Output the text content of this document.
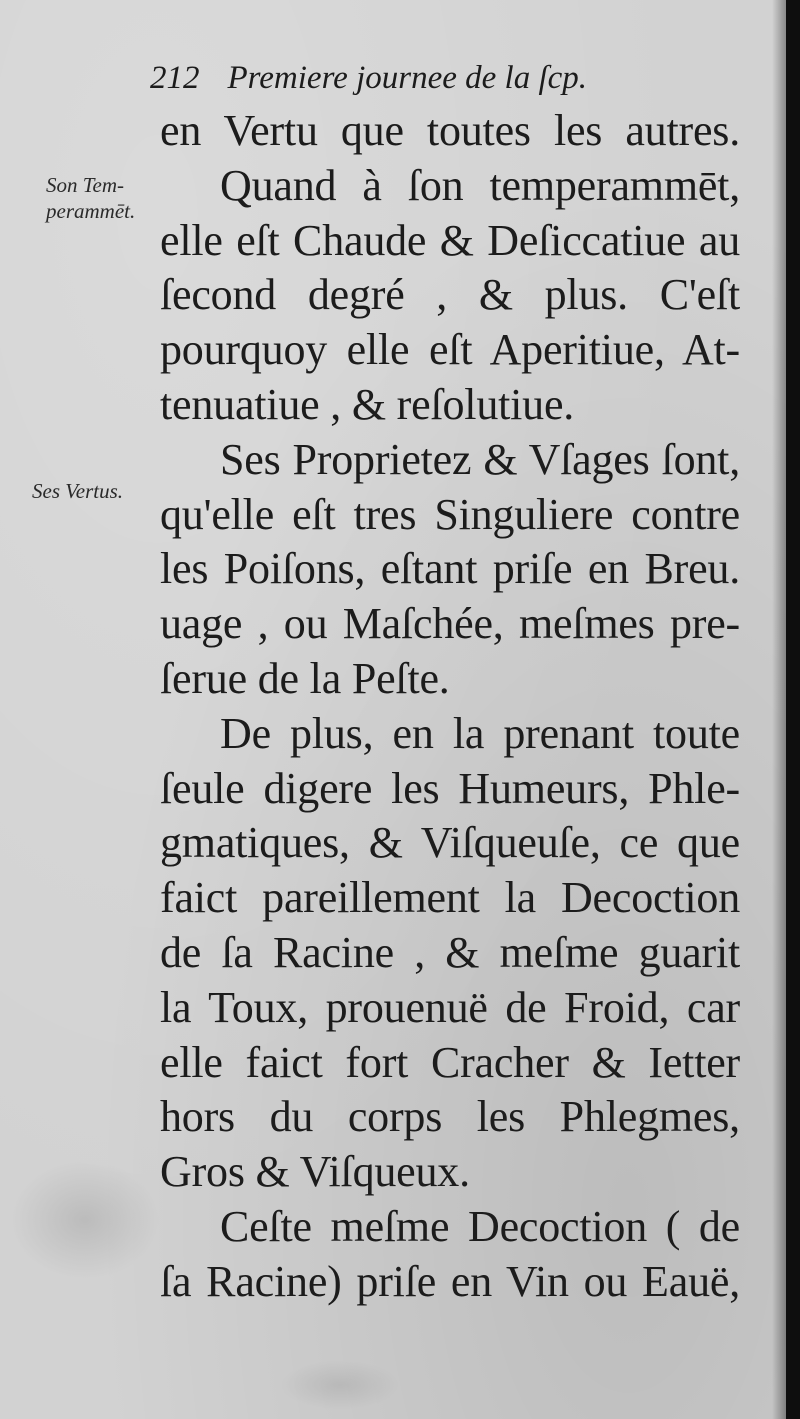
212 Premiere journee de la ſcp.
Son Tem-
perammēt.
Ses Vertus.
en Vertu que toutes les autres.
Quand à ſon temperammēt,
elle eſt Chaude & Deſiccatiue au
ſecond degré , & plus. C'eſt
pourquoy elle eſt Aperitiue, At-
tenuatiue , & reſolutiue.
Ses Proprietez & Vſages ſont,
qu'elle eſt tres Singuliere contre
les Poiſons, eſtant priſe en Breu.
uage , ou Maſchée, meſmes pre-
ſerue de la Peſte.
De plus, en la prenant toute
ſeule digere les Humeurs, Phle-
gmatiques, & Viſqueuſe, ce que
faict pareillement la Decoction
de ſa Racine , & meſme guarit
la Toux, prouenuë de Froid, car
elle faict fort Cracher & Ietter
hors du corps les Phlegmes,
Gros & Viſqueux.
Ceſte meſme Decoction ( de
ſa Racine) priſe en Vin ou Eauë,
